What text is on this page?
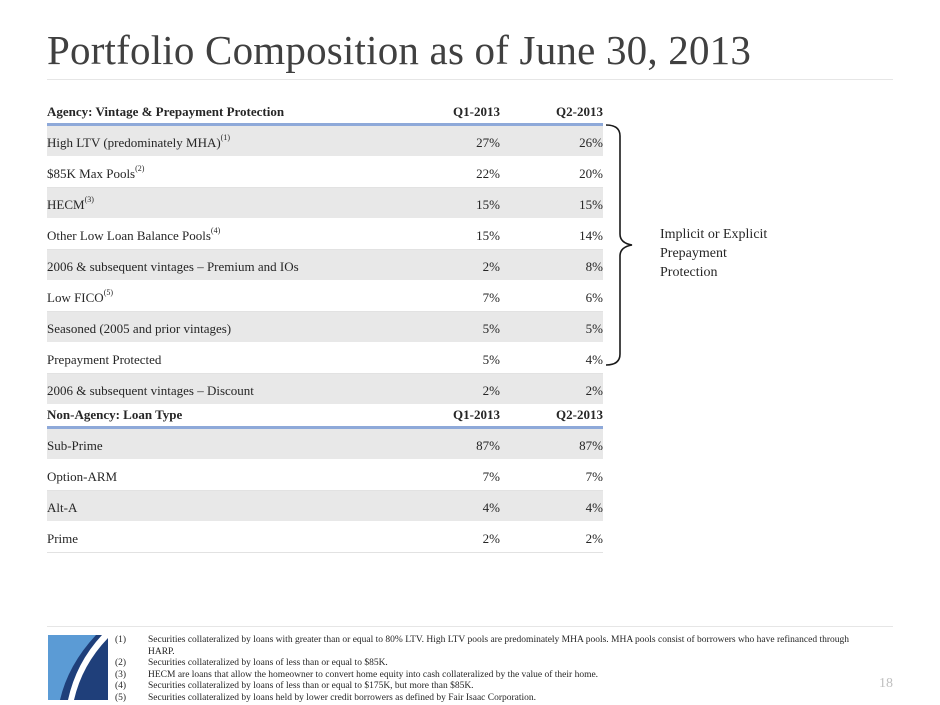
Portfolio Composition as of June 30, 2013
Agency: Vintage & Prepayment Protection	Q1-2013	Q2-2013
High LTV (predominately MHA)$^{(1)}$	27%	26%
$85K Max Pools$^{(2)}$	22%	20%
HECM$^{(3)}$	15%	15%
Other Low Loan Balance Pools$^{(4)}$	15%	14%
2006 & subsequent vintages – Premium and IOs	2%	8%
Low FICO$^{(5)}$	7%	6%
Seasoned (2005 and prior vintages)	5%	5%
Prepayment Protected	5%	4%
2006 & subsequent vintages – Discount	2%	2%
Non-Agency: Loan Type	Q1-2013	Q2-2013
Sub-Prime	87%	87%
Option-ARM	7%	7%
Alt-A	4%	4%
Prime	2%	2%
Implicit or Explicit
Prepayment
Protection
(1) Securities collateralized by loans with greater than or equal to 80% LTV. High LTV pools are predominately MHA pools. MHA pools consist of borrowers who have refinanced through HARP.
(2) Securities collateralized by loans of less than or equal to $85K.
(3) HECM are loans that allow the homeowner to convert home equity into cash collateralized by the value of their home.
(4) Securities collateralized by loans of less than or equal to $175K, but more than $85K.
(5) Securities collateralized by loans held by lower credit borrowers as defined by Fair Isaac Corporation.
18
